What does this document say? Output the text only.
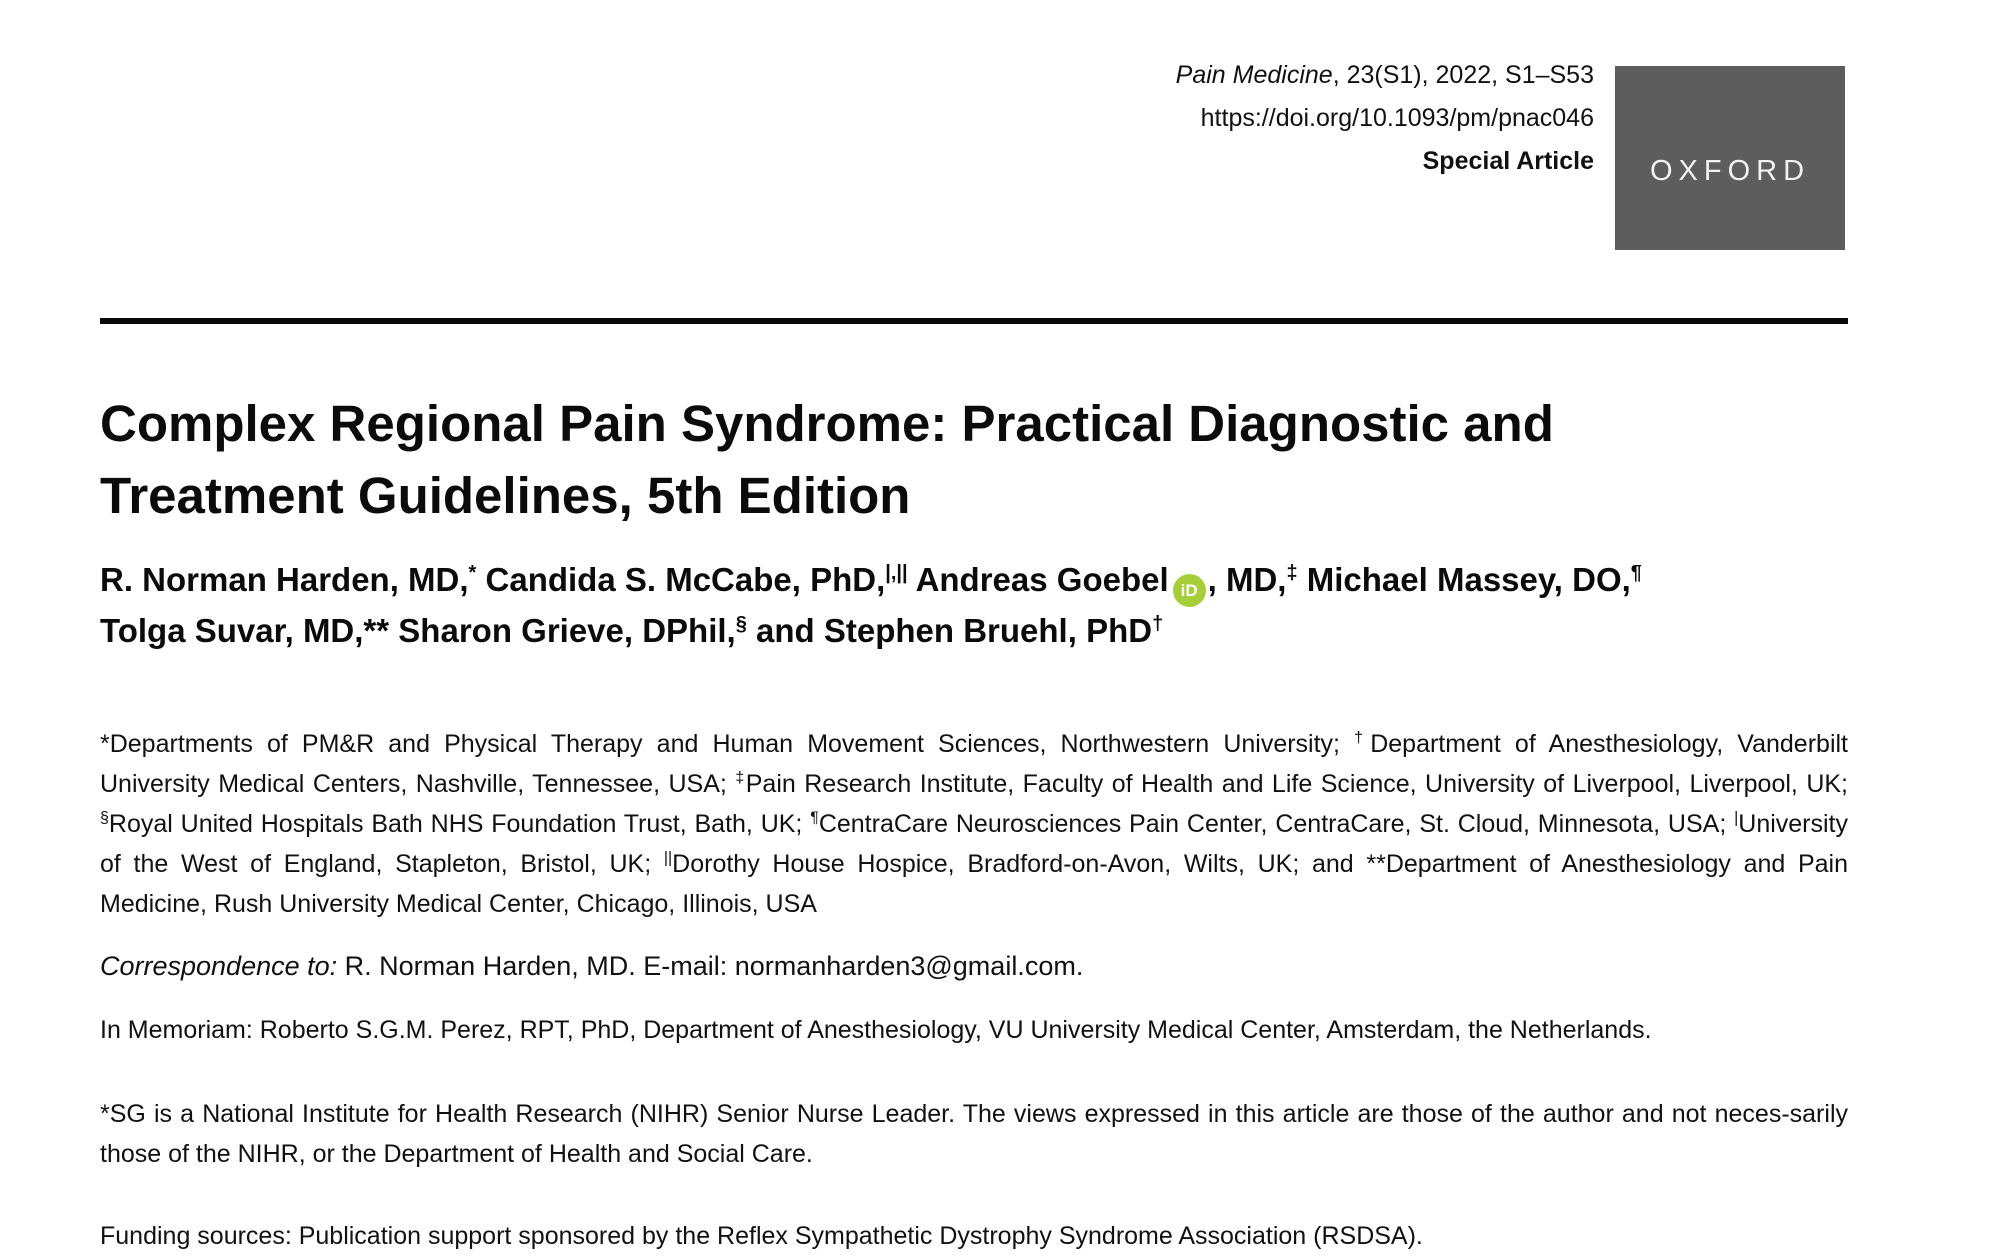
Pain Medicine, 23(S1), 2022, S1–S53
https://doi.org/10.1093/pm/pnac046
Special Article OXFORD
Complex Regional Pain Syndrome: Practical Diagnostic and Treatment Guidelines, 5th Edition

R. Norman Harden, MD,* Candida S. McCabe, PhD,|,|| Andreas Goebel iD , MD,‡ Michael Massey, DO,¶
Tolga Suvar, MD,** Sharon Grieve, DPhil,§ and Stephen Bruehl, PhD†

*Departments of PM&R and Physical Therapy and Human Movement Sciences, Northwestern University; †Department of Anesthesiology, Vanderbilt University Medical Centers, Nashville, Tennessee, USA; ‡Pain Research Institute, Faculty of Health and Life Science, University of Liverpool, Liverpool, UK; §Royal United Hospitals Bath NHS Foundation Trust, Bath, UK; ¶CentraCare Neurosciences Pain Center, CentraCare, St. Cloud, Minnesota, USA; |University of the West of England, Stapleton, Bristol, UK; ||Dorothy House Hospice, Bradford-on-Avon, Wilts, UK; and **Department of Anesthesiology and Pain Medicine, Rush University Medical Center, Chicago, Illinois, USA

Correspondence to: R. Norman Harden, MD. E-mail: normanharden3@gmail.com.

In Memoriam: Roberto S.G.M. Perez, RPT, PhD, Department of Anesthesiology, VU University Medical Center, Amsterdam, the Netherlands.

*SG is a National Institute for Health Research (NIHR) Senior Nurse Leader. The views expressed in this article are those of the author and not neces-sarily those of the NIHR, or the Department of Health and Social Care.

Funding sources: Publication support sponsored by the Reflex Sympathetic Dystrophy Syndrome Association (RSDSA).
